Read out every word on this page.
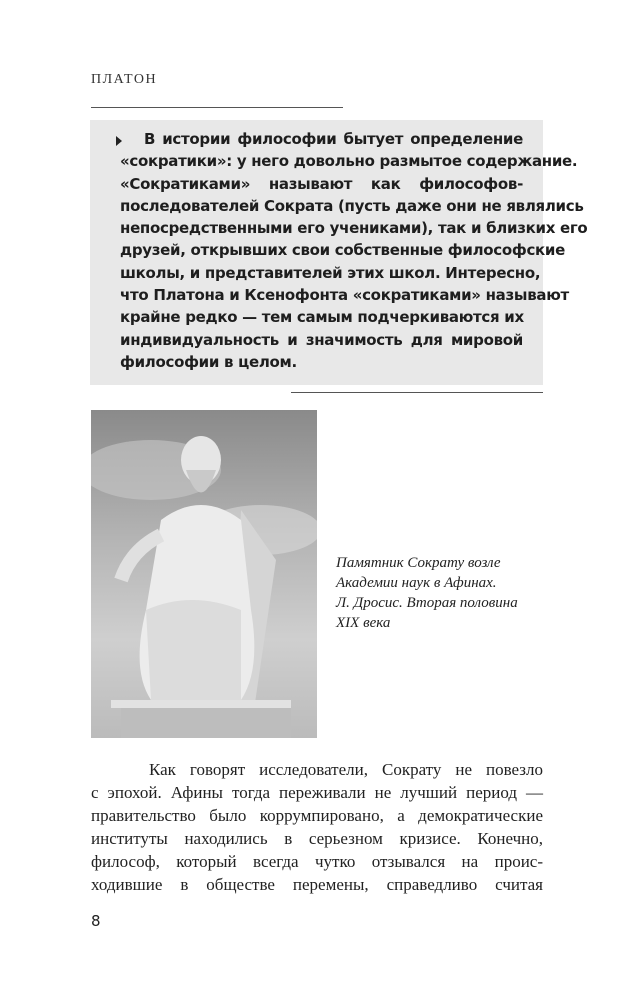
ПЛАТОН
В истории философии бытует определение
«сократики»: у него довольно размытое содержание.
«Сократиками» называют как философов-
последователей Сократа (пусть даже они не являлись
непосредственными его учениками), так и близких его
друзей, открывших свои собственные философские
школы, и представителей этих школ. Интересно,
что Платона и Ксенофонта «сократиками» называют
крайне редко — тем самым подчеркиваются их
индивидуальность и значимость для мировой
философии в целом.
Памятник Сократу возле
Академии наук в Афинах.
Л. Дросис. Вторая половина
XIX века
Как говорят исследователи, Сократу не повезло
с эпохой. Афины тогда переживали не лучший период —
правительство было коррумпировано, а демократические
институты находились в серьезном кризисе. Конечно,
философ, который всегда чутко отзывался на проис-
ходившие в обществе перемены, справедливо считая
8
